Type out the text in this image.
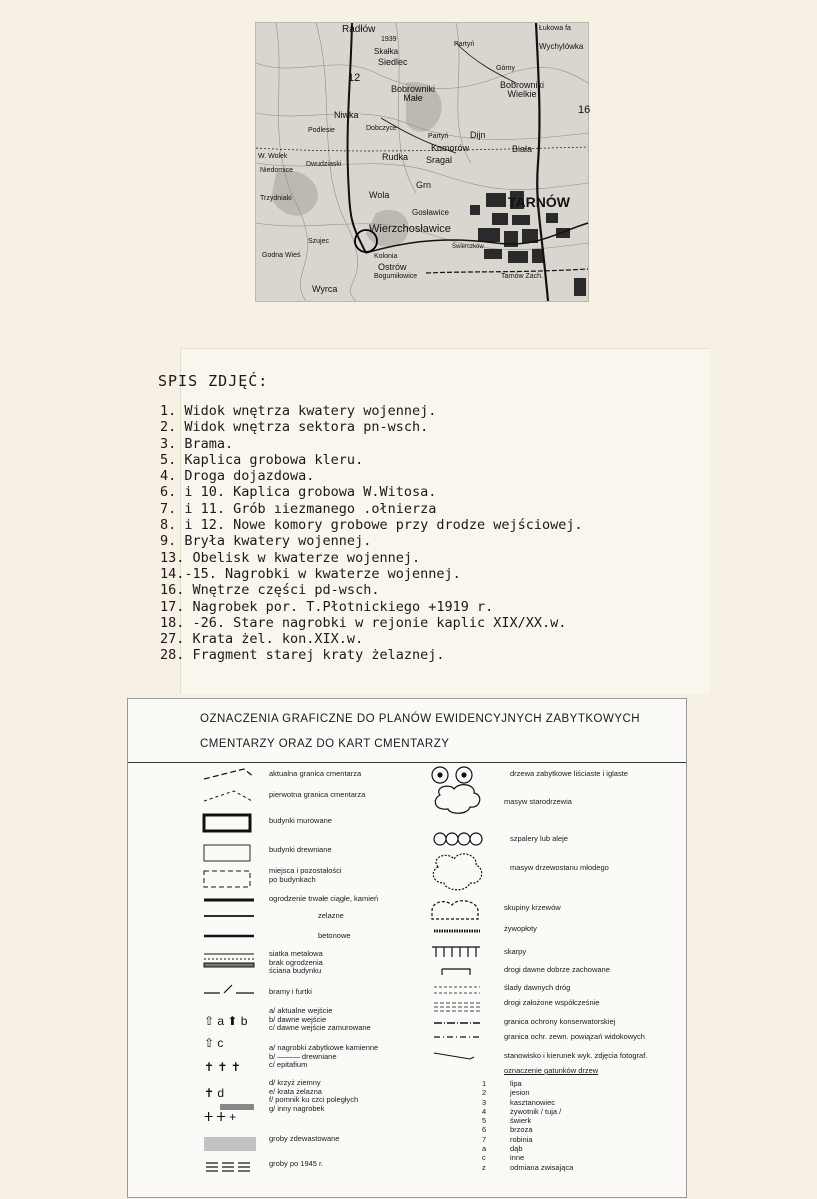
Radłów
1939
Łukowa fa
Partyń	Wychylówka
Skałka
Siedlec
Górny
12
Bobrowniki
Małe
Bobrowniki
Wielkie
16
Niwka
Podlesie	Dobczyce
Partyń Dijn
Komorów	Biała
W. Wolek
Dwudziaski
Rudka Sragal
Niedomice
Trzydniaki
Grn
Wola	TARNÓW
Gosławice
Wierzchosławice
Szujec
Świerczków
Godna Wieś	Kolonia
Ostrów
Bogumiłowice	Tarnów Zach.
Wyrca
SPIS ZDJĘĆ:
1. Widok wnętrza kwatery wojennej.
2. Widok wnętrza sektora pn-wsch.
3. Brama.
5. Kaplica grobowa kleru.
4. Droga dojazdowa.
6. i 10. Kaplica grobowa W.Witosa.
7. i 11. Grób ıiezmanego .ołnierza
8. i 12. Nowe komory grobowe przy drodze wejściowej.
9. Bryła kwatery wojennej.
13. Obelisk w kwaterze wojennej.
14.-15. Nagrobki w kwaterze wojennej.
16. Wnętrze części pd-wsch.
17. Nagrobek por. T.Płotnickiego +1919 r.
18. -26. Stare nagrobki w rejonie kaplic XIX/XX.w.
27. Krata żel. kon.XIX.w.
28. Fragment starej kraty żelaznej.
OZNACZENIA GRAFICZNE DO PLANÓW EWIDENCYJNYCH ZABYTKOWYCH
CMENTARZY ORAZ DO KART CMENTARZY
⇧ a ⬆ b
⇧ c
✝ ✝ ✝
✝ d
ⵜ ⵜ +
aktualna granica cmentarza
pierwotna granica cmentarza
budynki murowane
budynki drewniane
miejsca i pozostałości
po budynkach
ogrodzenie trwałe ciągłe, kamień
zelazne
betonowe
siatka metalowa
brak ogrodzenia
ściana budynku
bramy i furtki
a/ aktualne wejście
b/ dawne wejście
c/ dawne wejście zamurowane
a/ nagrobki zabytkowe kamienne
b/ ——— drewniane
c/ epitafium
d/ krzyż ziemny
e/ krata żelazna
f/ pomnik ku czci poległych
g/ inny nagrobek
groby zdewastowane
groby po 1945 r.
drzewa zabytkowe liściaste i iglaste
masyw starodrzewia
szpalery lub aleje
masyw drzewostanu młodego
skupiny krzewów
żywopłoty
skarpy
drogi dawne dobrze zachowane
ślady dawnych dróg
drogi założone współcześnie
granica ochrony konserwatorskiej
granica ochr. zewn. powiązań widokowych
stanowisko i kierunek wyk. zdjęcia fotograf.
oznaczenie gatunków drzew
1	lipa
2	jesion
3	kasztanowiec
4	żywotnik / tuja /
5	świerk
6	brzoza
7	robinia
a	dąb
c	inne
z	odmiana zwisająca
